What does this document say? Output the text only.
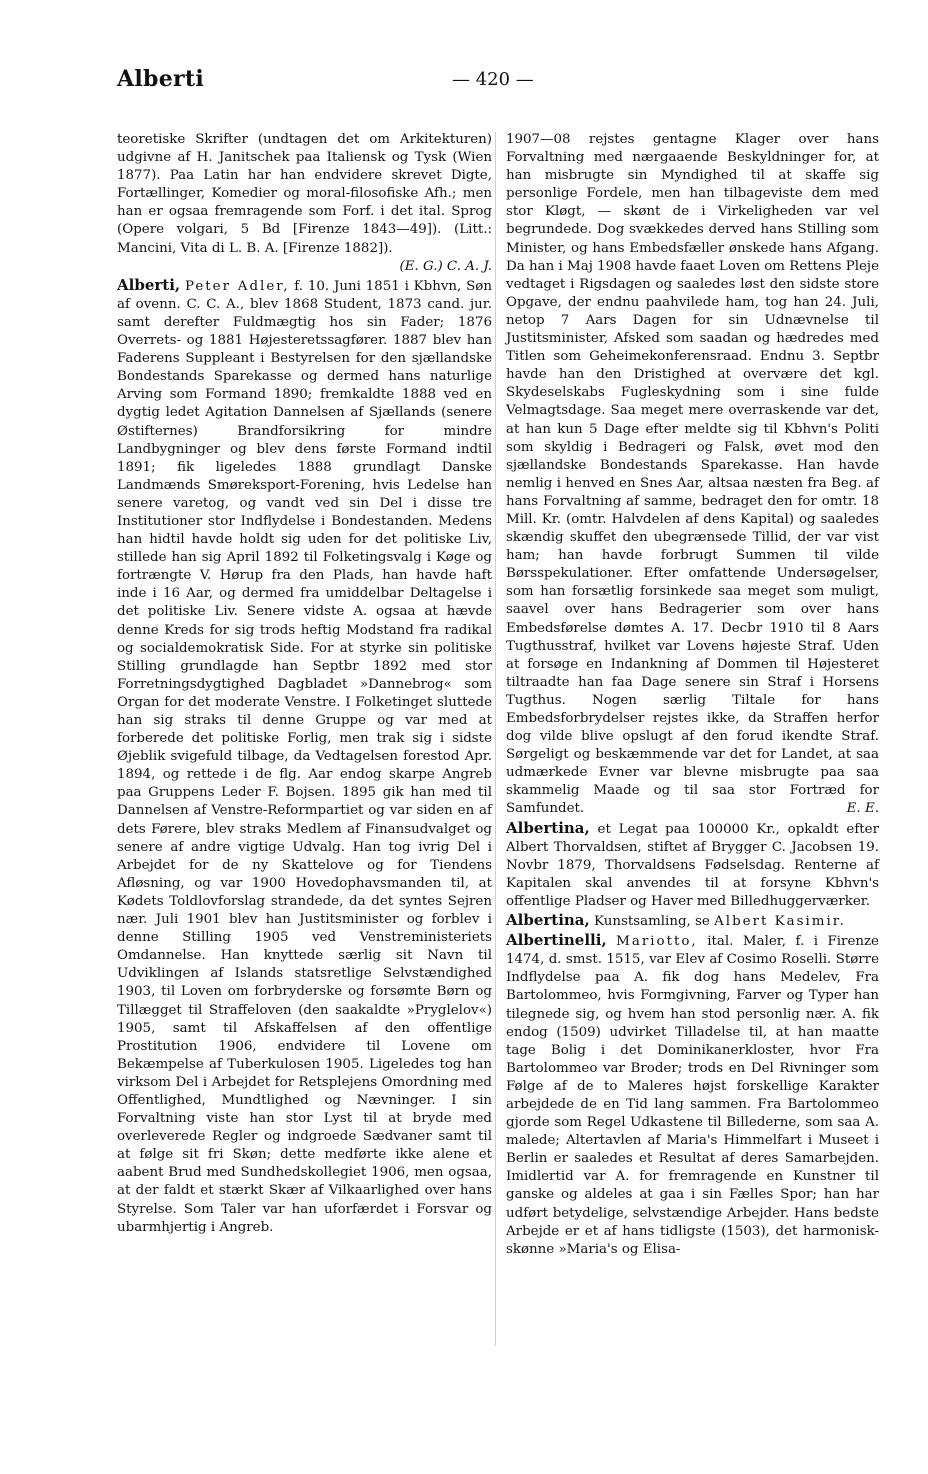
Alberti	— 420 —

teoretiske Skrifter (undtagen det om Arkitekturen) udgivne af H. Janitschek paa Italiensk og Tysk (Wien 1877). Paa Latin har han endvidere skrevet Digte, Fortællinger, Komedier og moral-filosofiske Afh.; men han er ogsaa fremragende som Forf. i det ital. Sprog (Opere volgari, 5 Bd [Firenze 1843—49]). (Litt.: Mancini, Vita di L. B. A. [Firenze 1882]).

(E. G.) C. A. J.

Alberti, Peter Adler, f. 10. Juni 1851 i Kbhvn, Søn af ovenn. C. C. A., blev 1868 Student, 1873 cand. jur. samt derefter Fuldmægtig hos sin Fader; 1876 Overrets- og 1881 Højesteretssagfører. 1887 blev han Faderens Suppleant i Bestyrelsen for den sjællandske Bondestands Sparekasse og dermed hans naturlige Arving som Formand 1890; fremkaldte 1888 ved en dygtig ledet Agitation Dannelsen af Sjællands (senere Østifternes) Brandforsikring for mindre Landbygninger og blev dens første Formand indtil 1891; fik ligeledes 1888 grundlagt Danske Landmænds Smøreksport-Forening, hvis Ledelse han senere varetog, og vandt ved sin Del i disse tre Institutioner stor Indflydelse i Bondestanden. Medens han hidtil havde holdt sig uden for det politiske Liv, stillede han sig April 1892 til Folketingsvalg i Køge og fortrængte V. Hørup fra den Plads, han havde haft inde i 16 Aar, og dermed fra umiddelbar Deltagelse i det politiske Liv. Senere vidste A. ogsaa at hævde denne Kreds for sig trods heftig Modstand fra radikal og socialdemokratisk Side. For at styrke sin politiske Stilling grundlagde han Septbr 1892 med stor Forretningsdygtighed Dagbladet »Dannebrog« som Organ for det moderate Venstre. I Folketinget sluttede han sig straks til denne Gruppe og var med at forberede det politiske Forlig, men trak sig i sidste Øjeblik svigefuld tilbage, da Vedtagelsen forestod Apr. 1894, og rettede i de flg. Aar endog skarpe Angreb paa Gruppens Leder F. Bojsen. 1895 gik han med til Dannelsen af Venstre-Reformpartiet og var siden en af dets Førere, blev straks Medlem af Finansudvalget og senere af andre vigtige Udvalg. Han tog ivrig Del i Arbejdet for de ny Skattelove og for Tiendens Afløsning, og var 1900 Hovedophavsmanden til, at Kødets Toldlovforslag strandede, da det syntes Sejren nær. Juli 1901 blev han Justitsminister og forblev i denne Stilling 1905 ved Venstreministeriets Omdannelse. Han knyttede særlig sit Navn til Udviklingen af Islands statsretlige Selvstændighed 1903, til Loven om forbryderske og forsømte Børn og Tillægget til Straffeloven (den saakaldte »Pryglelov«) 1905, samt til Afskaffelsen af den offentlige Prostitution 1906, endvidere til Lovene om Bekæmpelse af Tuberkulosen 1905. Ligeledes tog han virksom Del i Arbejdet for Retsplejens Omordning med Offentlighed, Mundtlighed og Nævninger. I sin Forvaltning viste han stor Lyst til at bryde med overleverede Regler og indgroede Sædvaner samt til at følge sit fri Skøn; dette medførte ikke alene et aabent Brud med Sundhedskollegiet 1906, men ogsaa, at der faldt et stærkt Skær af Vilkaarlighed over hans Styrelse. Som Taler var han uforfærdet i Forsvar og ubarmhjertig i Angreb.

1907—08 rejstes gentagne Klager over hans Forvaltning med nærgaaende Beskyldninger for, at han misbrugte sin Myndighed til at skaffe sig personlige Fordele, men han tilbageviste dem med stor Kløgt, — skønt de i Virkeligheden var vel begrundede. Dog svækkedes derved hans Stilling som Minister, og hans Embedsfæller ønskede hans Afgang. Da han i Maj 1908 havde faaet Loven om Rettens Pleje vedtaget i Rigsdagen og saaledes løst den sidste store Opgave, der endnu paahvilede ham, tog han 24. Juli, netop 7 Aars Dagen for sin Udnævnelse til Justitsminister, Afsked som saadan og hædredes med Titlen som Geheimekonferensraad. Endnu 3. Septbr havde han den Dristighed at overvære det kgl. Skydeselskabs Fugleskydning som i sine fulde Velmagtsdage. Saa meget mere overraskende var det, at han kun 5 Dage efter meldte sig til Kbhvn's Politi som skyldig i Bedrageri og Falsk, øvet mod den sjællandske Bondestands Sparekasse. Han havde nemlig i henved en Snes Aar, altsaa næsten fra Beg. af hans Forvaltning af samme, bedraget den for omtr. 18 Mill. Kr. (omtr. Halvdelen af dens Kapital) og saaledes skændig skuffet den ubegrænsede Tillid, der var vist ham; han havde forbrugt Summen til vilde Børsspekulationer. Efter omfattende Undersøgelser, som han forsætlig forsinkede saa meget som muligt, saavel over hans Bedragerier som over hans Embedsførelse dømtes A. 17. Decbr 1910 til 8 Aars Tugthusstraf, hvilket var Lovens højeste Straf. Uden at forsøge en Indankning af Dommen til Højesteret tiltraadte han faa Dage senere sin Straf i Horsens Tugthus. Nogen særlig Tiltale for hans Embedsforbrydelser rejstes ikke, da Straffen herfor dog vilde blive opslugt af den forud ikendte Straf. Sørgeligt og beskæmmende var det for Landet, at saa udmærkede Evner var blevne misbrugte paa saa skammelig Maade og til saa stor Fortræd for Samfundet.	E. E.

Albertina, et Legat paa 100000 Kr., opkaldt efter Albert Thorvaldsen, stiftet af Brygger C. Jacobsen 19. Novbr 1879, Thorvaldsens Fødselsdag. Renterne af Kapitalen skal anvendes til at forsyne Kbhvn's offentlige Pladser og Haver med Billedhuggerværker.

Albertina, Kunstsamling, se Albert Kasimir.

Albertinelli, Mariotto, ital. Maler, f. i Firenze 1474, d. smst. 1515, var Elev af Cosimo Roselli. Større Indflydelse paa A. fik dog hans Medelev, Fra Bartolommeo, hvis Formgivning, Farver og Typer han tilegnede sig, og hvem han stod personlig nær. A. fik endog (1509) udvirket Tilladelse til, at han maatte tage Bolig i det Dominikanerkloster, hvor Fra Bartolommeo var Broder; trods en Del Rivninger som Følge af de to Maleres højst forskellige Karakter arbejdede de en Tid lang sammen. Fra Bartolommeo gjorde som Regel Udkastene til Billederne, som saa A. malede; Altertavlen af Maria's Himmelfart i Museet i Berlin er saaledes et Resultat af deres Samarbejden. Imidlertid var A. for fremragende en Kunstner til ganske og aldeles at gaa i sin Fælles Spor; han har udført betydelige, selvstændige Arbejder. Hans bedste Arbejde er et af hans tidligste (1503), det harmonisk-skønne »Maria's og Elisa-
